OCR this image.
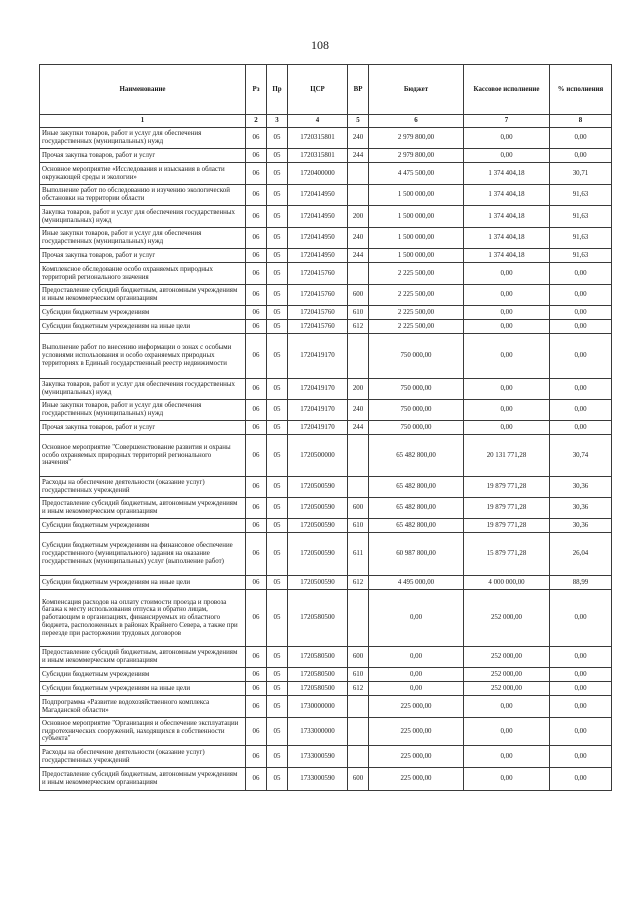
108
Наименование	Рз	Пр	ЦСР	ВР	Бюджет	Кассовое исполнение	% исполнения
1	2	3	4	5	6	7	8
Иные закупки товаров, работ и услуг для обеспечения государственных (муниципальных) нужд	06	05	1720315801	240	2 979 800,00	0,00	0,00
Прочая закупка товаров, работ и услуг	06	05	1720315801	244	2 979 800,00	0,00	0,00
Основное мероприятие «Исследования и изыскания в области окружающей среды и экологии»	06	05	1720400000		4 475 500,00	1 374 404,18	30,71
Выполнение работ по обследованию и изучению экологической обстановки на территории области	06	05	1720414950		1 500 000,00	1 374 404,18	91,63
Закупка товаров, работ и услуг для обеспечения государственных (муниципальных) нужд	06	05	1720414950	200	1 500 000,00	1 374 404,18	91,63
Иные закупки товаров, работ и услуг для обеспечения государственных (муниципальных) нужд	06	05	1720414950	240	1 500 000,00	1 374 404,18	91,63
Прочая закупка товаров, работ и услуг	06	05	1720414950	244	1 500 000,00	1 374 404,18	91,63
Комплексное обследование особо охраняемых природных территорий регионального значения	06	05	1720415760		2 225 500,00	0,00	0,00
Предоставление субсидий бюджетным, автономным учреждениям и иным некоммерческим организациям	06	05	1720415760	600	2 225 500,00	0,00	0,00
Субсидии бюджетным учреждениям	06	05	1720415760	610	2 225 500,00	0,00	0,00
Субсидии бюджетным учреждениям на иные цели	06	05	1720415760	612	2 225 500,00	0,00	0,00
Выполнение работ по внесению информации о зонах с особыми условиями использования и особо охраняемых природных территориях в Единый государственный реестр недвижимости	06	05	1720419170		750 000,00	0,00	0,00
Закупка товаров, работ и услуг для обеспечения государственных (муниципальных) нужд	06	05	1720419170	200	750 000,00	0,00	0,00
Иные закупки товаров, работ и услуг для обеспечения государственных (муниципальных) нужд	06	05	1720419170	240	750 000,00	0,00	0,00
Прочая закупка товаров, работ и услуг	06	05	1720419170	244	750 000,00	0,00	0,00
Основное мероприятие "Совершенствование развития и охраны особо охраняемых природных территорий регионального значения"	06	05	1720500000		65 482 800,00	20 131 771,28	30,74
Расходы на обеспечение деятельности (оказание услуг) государственных учреждений	06	05	1720500590		65 482 800,00	19 879 771,28	30,36
Предоставление субсидий бюджетным, автономным учреждениям и иным некоммерческим организациям	06	05	1720500590	600	65 482 800,00	19 879 771,28	30,36
Субсидии бюджетным учреждениям	06	05	1720500590	610	65 482 800,00	19 879 771,28	30,36
Субсидии бюджетным учреждениям на финансовое обеспечение государственного (муниципального) задания на оказание государственных (муниципальных) услуг (выполнение работ)	06	05	1720500590	611	60 987 800,00	15 879 771,28	26,04
Субсидии бюджетным учреждениям на иные цели	06	05	1720500590	612	4 495 000,00	4 000 000,00	88,99
Компенсация расходов на оплату стоимости проезда и провоза багажа к месту использования отпуска и обратно лицам, работающим в организациях, финансируемых из областного бюджета, расположенных в районах Крайнего Севера, а также при переезде при расторжении трудовых договоров	06	05	1720580500		0,00	252 000,00	0,00
Предоставление субсидий бюджетным, автономным учреждениям и иным некоммерческим организациям	06	05	1720580500	600	0,00	252 000,00	0,00
Субсидии бюджетным учреждениям	06	05	1720580500	610	0,00	252 000,00	0,00
Субсидии бюджетным учреждениям на иные цели	06	05	1720580500	612	0,00	252 000,00	0,00
Подпрограмма «Развитие водохозяйственного комплекса Магаданской области»	06	05	1730000000		225 000,00	0,00	0,00
Основное мероприятие "Организация и обеспечение эксплуатации гидротехнических сооружений, находящихся в собственности субъекта"	06	05	1733000000		225 000,00	0,00	0,00
Расходы на обеспечение деятельности (оказание услуг) государственных учреждений	06	05	1733000590		225 000,00	0,00	0,00
Предоставление субсидий бюджетным, автономным учреждениям и иным некоммерческим организациям	06	05	1733000590	600	225 000,00	0,00	0,00
